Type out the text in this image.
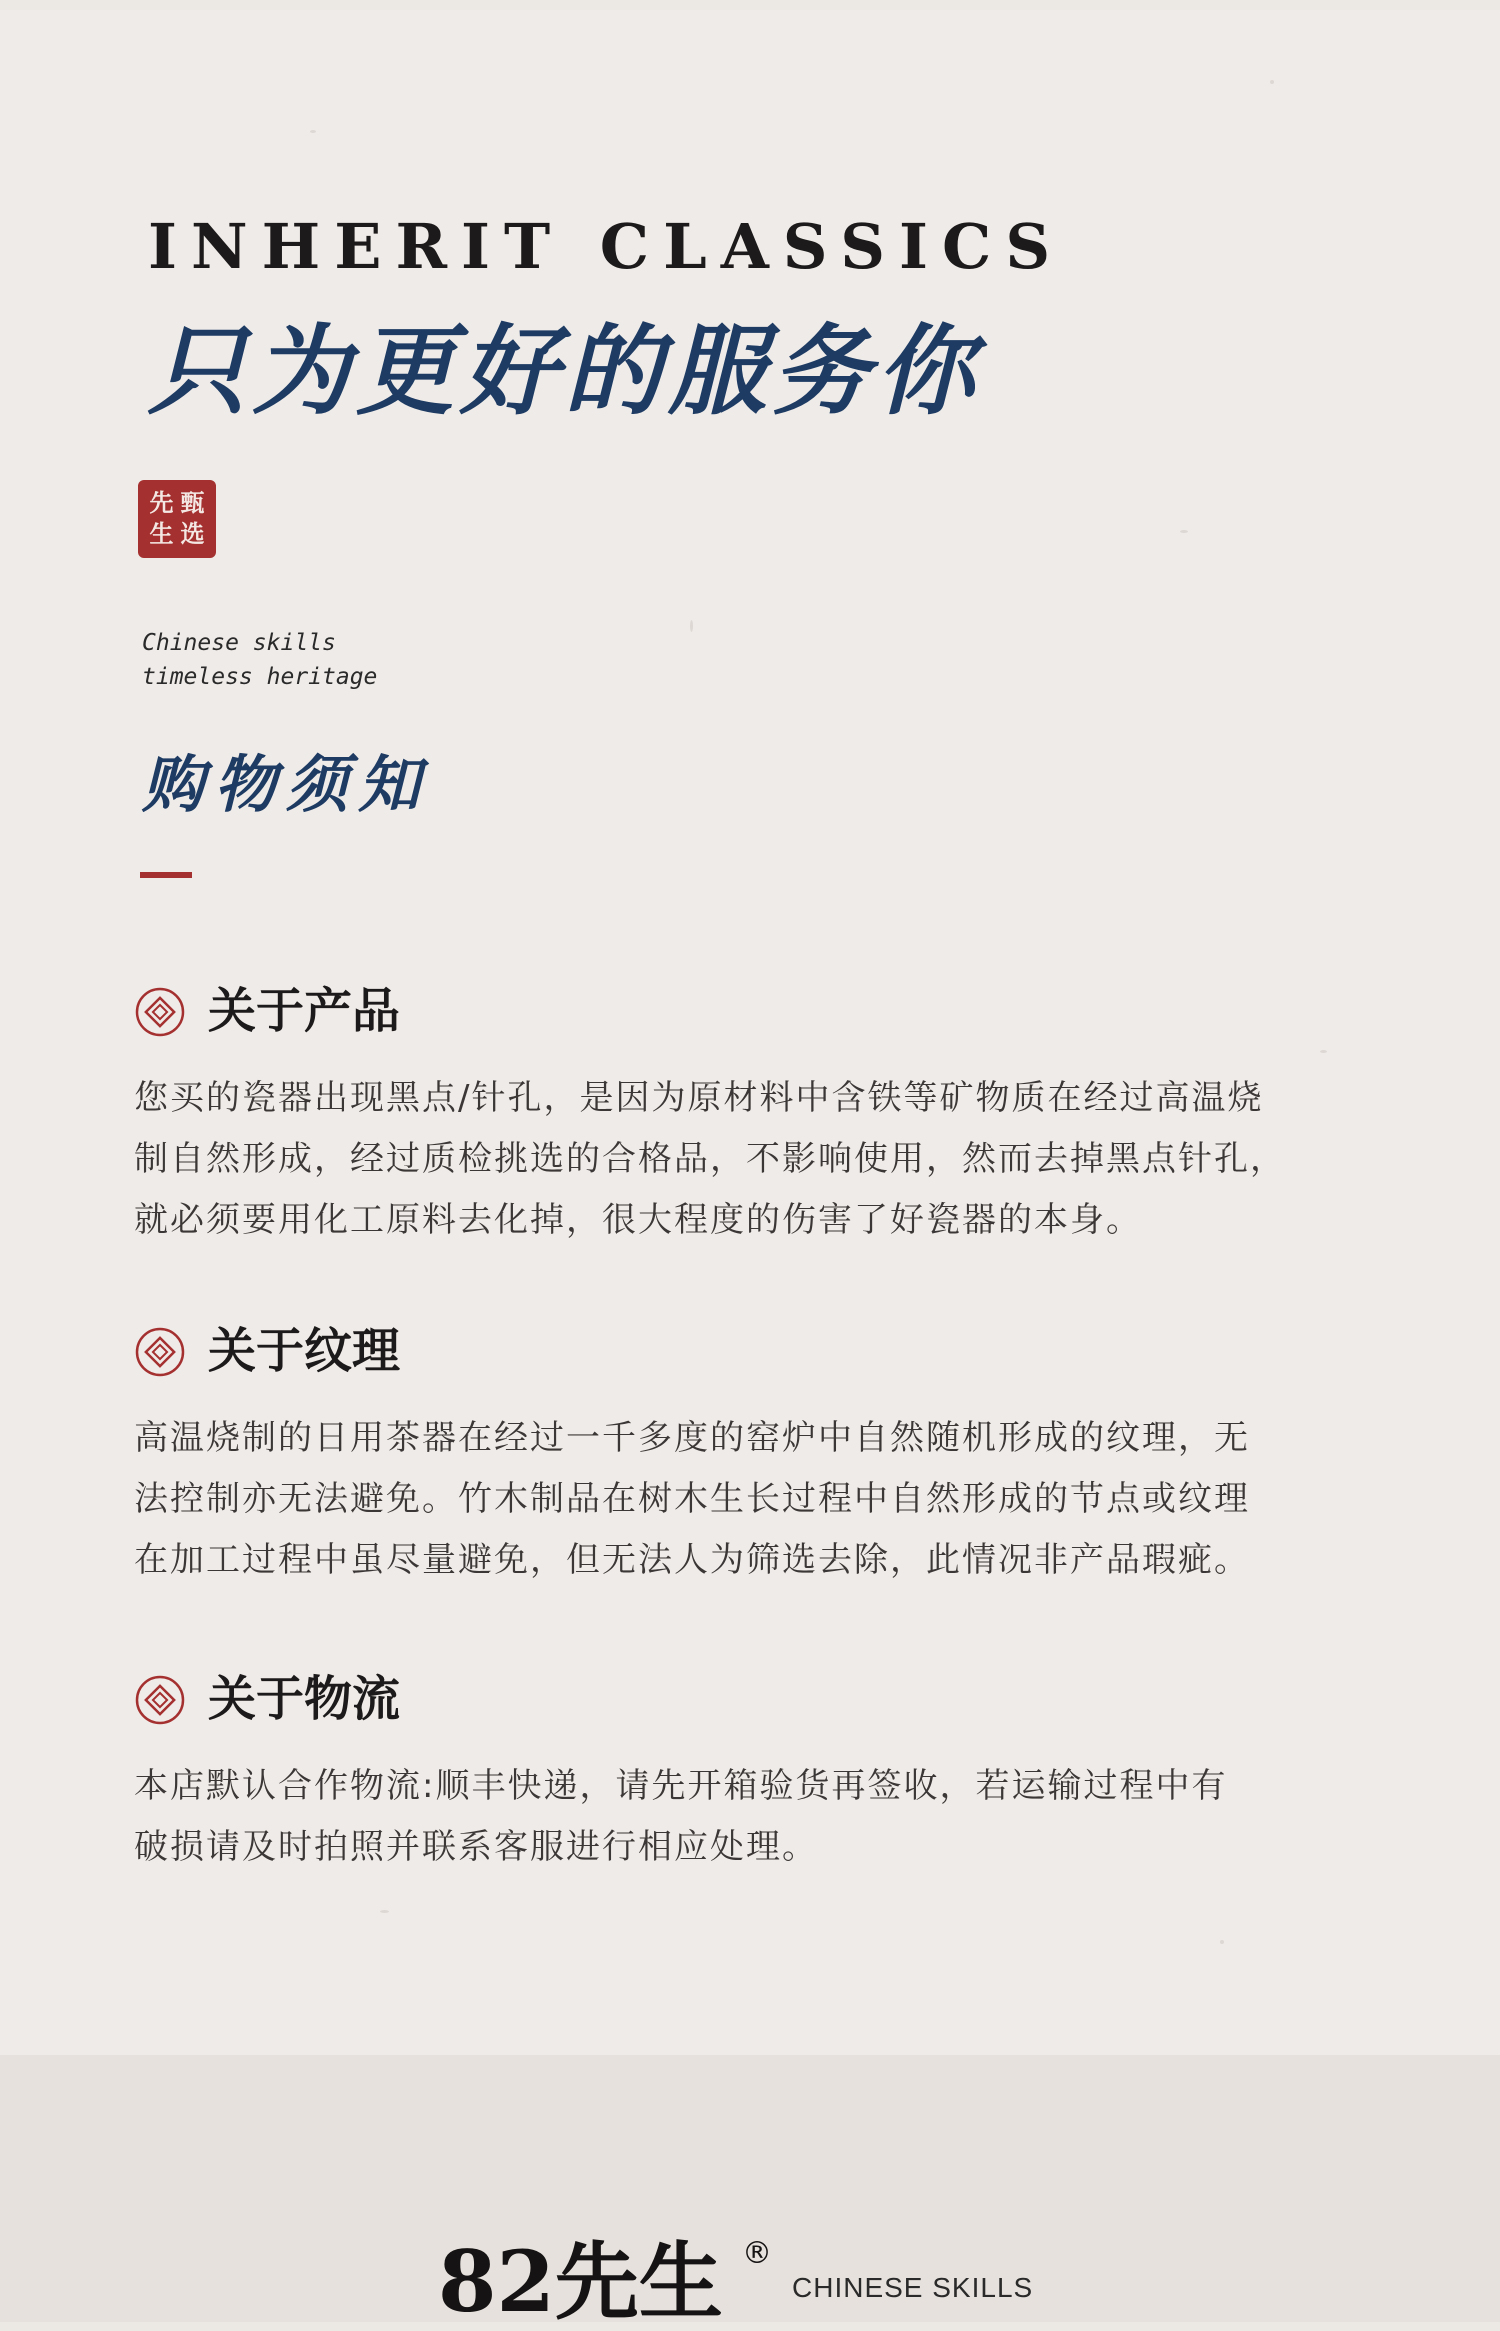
INHERIT CLASSICS
只为更好的服务你
先 甄
生 选
Chinese skills
timeless heritage
购物须知
关于产品
您买的瓷器出现黑点/针孔，是因为原材料中含铁等矿物质在经过高温烧
制自然形成，经过质检挑选的合格品，不影响使用，然而去掉黑点针孔，
就必须要用化工原料去化掉，很大程度的伤害了好瓷器的本身。
关于纹理
高温烧制的日用茶器在经过一千多度的窑炉中自然随机形成的纹理，无
法控制亦无法避免。竹木制品在树木生长过程中自然形成的节点或纹理
在加工过程中虽尽量避免，但无法人为筛选去除，此情况非产品瑕疵。
关于物流
本店默认合作物流:顺丰快递，请先开箱验货再签收，若运输过程中有
破损请及时拍照并联系客服进行相应处理。
82先生 ®
CHINESE SKILLS
